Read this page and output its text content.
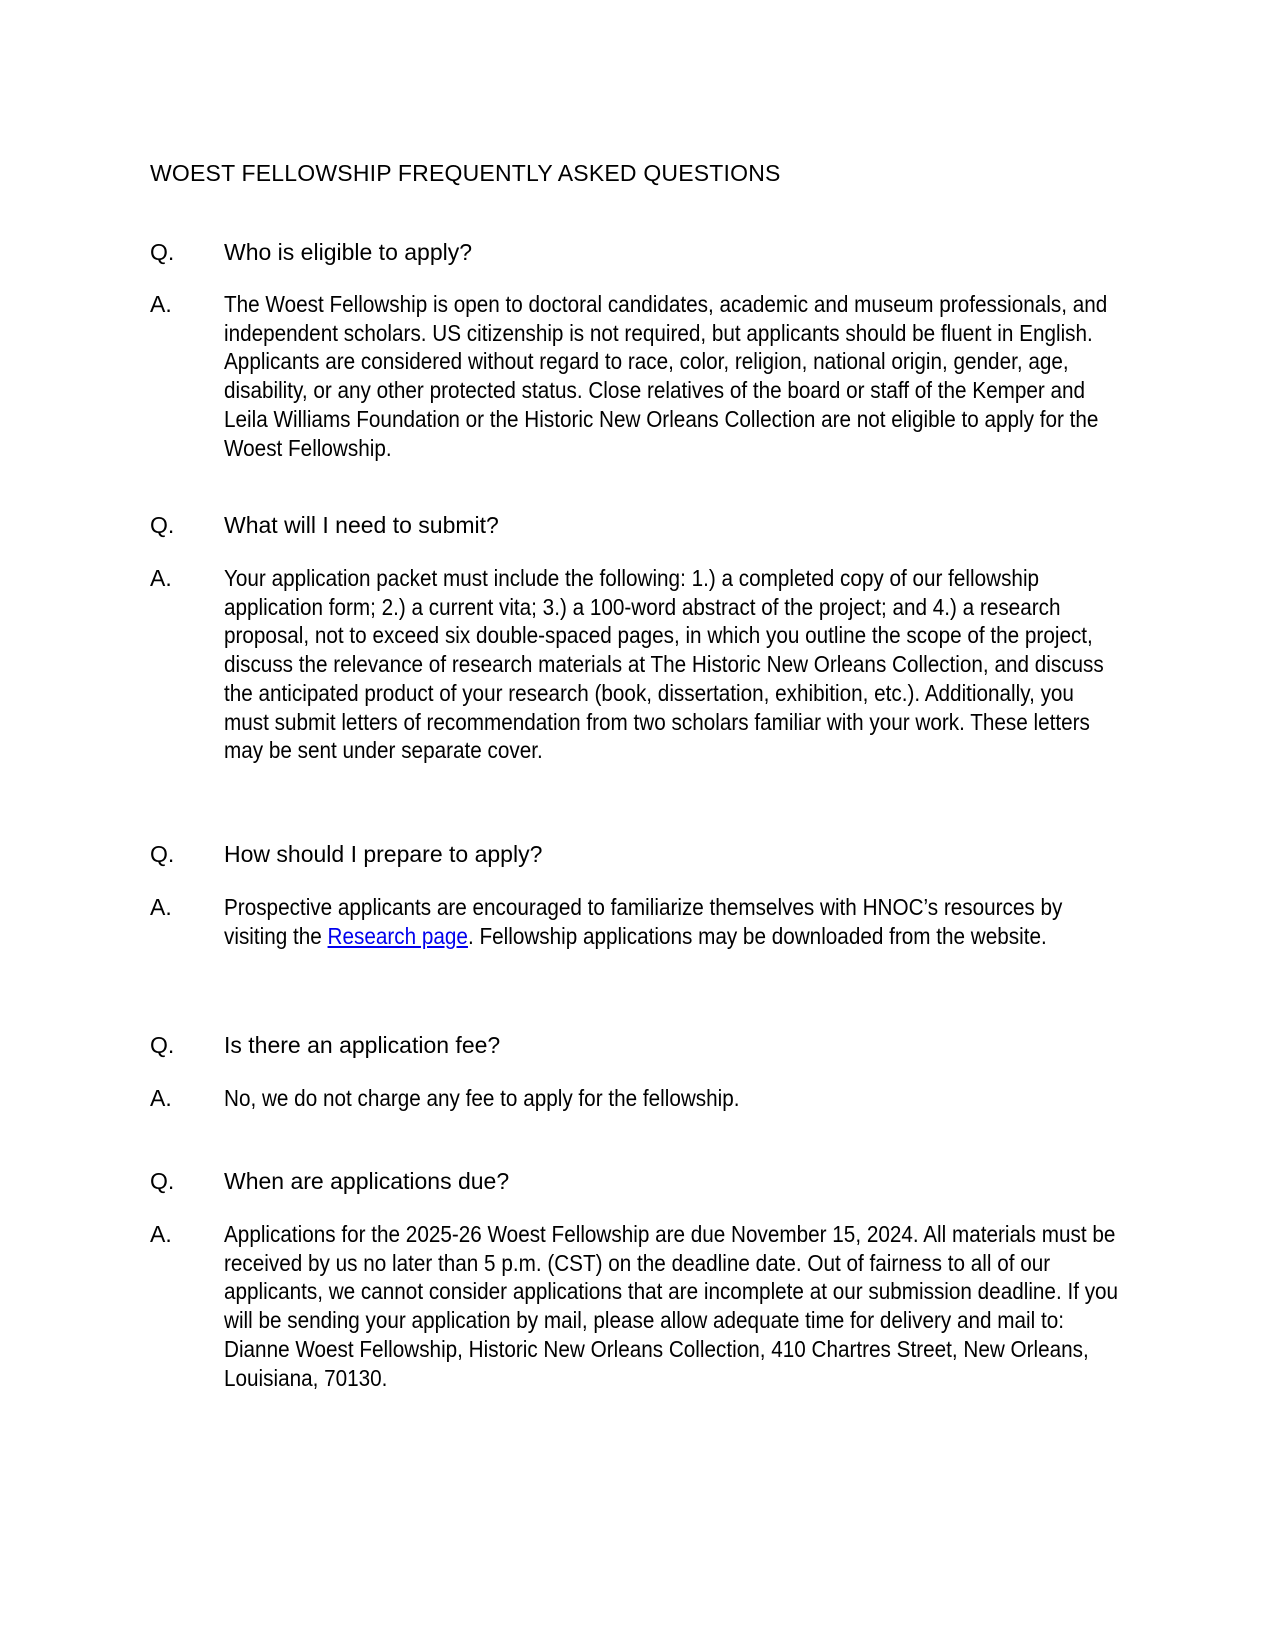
WOEST FELLOWSHIP FREQUENTLY ASKED QUESTIONS
Q. Who is eligible to apply?
A. The Woest Fellowship is open to doctoral candidates, academic and museum professionals, and independent scholars. US citizenship is not required, but applicants should be fluent in English. Applicants are considered without regard to race, color, religion, national origin, gender, age, disability, or any other protected status. Close relatives of the board or staff of the Kemper and Leila Williams Foundation or the Historic New Orleans Collection are not eligible to apply for the Woest Fellowship.
Q. What will I need to submit?
A. Your application packet must include the following: 1.) a completed copy of our fellowship application form; 2.) a current vita; 3.) a 100-word abstract of the project; and 4.) a research proposal, not to exceed six double-spaced pages, in which you outline the scope of the project, discuss the relevance of research materials at The Historic New Orleans Collection, and discuss the anticipated product of your research (book, dissertation, exhibition, etc.). Additionally, you must submit letters of recommendation from two scholars familiar with your work. These letters may be sent under separate cover.
Q. How should I prepare to apply?
A. Prospective applicants are encouraged to familiarize themselves with HNOC’s resources by visiting the Research page. Fellowship applications may be downloaded from the website.
Q. Is there an application fee?
A. No, we do not charge any fee to apply for the fellowship.
Q. When are applications due?
A. Applications for the 2025-26 Woest Fellowship are due November 15, 2024. All materials must be received by us no later than 5 p.m. (CST) on the deadline date. Out of fairness to all of our applicants, we cannot consider applications that are incomplete at our submission deadline. If you will be sending your application by mail, please allow adequate time for delivery and mail to: Dianne Woest Fellowship, Historic New Orleans Collection, 410 Chartres Street, New Orleans, Louisiana, 70130.
